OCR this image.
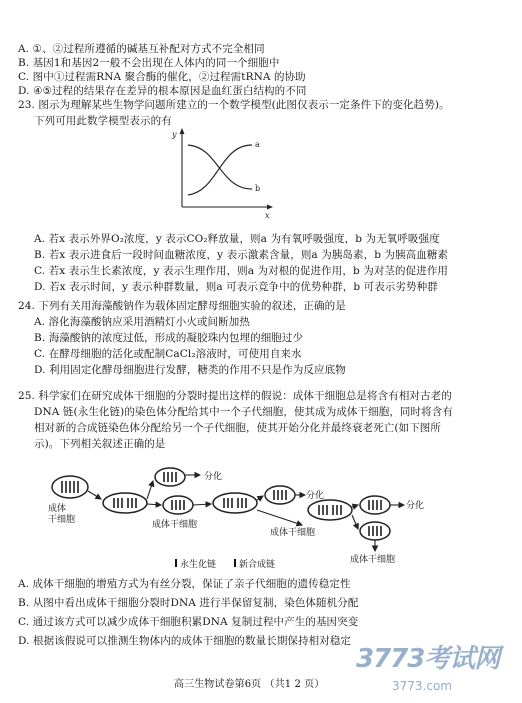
A. ①、②过程所遵循的碱基互补配对方式不完全相同
B. 基因1和基因2一般不会出现在人体内的同一个细胞中
C. 图中①过程需RNA 聚合酶的催化，②过程需tRNA 的协助
D. ④⑤过程的结果存在差异的根本原因是血红蛋白结构的不同
23. 图示为理解某些生物学问题所建立的一个数学模型(此图仅表示一定条件下的变化趋势)。
下列可用此数学模型表示的有
y
x
a
b
A. 若x 表示外界O₂浓度，y 表示CO₂释放量，则a 为有氧呼吸强度，b 为无氧呼吸强度
B. 若x 表示进食后一段时间血糖浓度，y 表示激素含量，则a 为胰岛素，b 为胰高血糖素
C. 若x 表示生长素浓度，y 表示生理作用，则a 为对根的促进作用，b 为对茎的促进作用
D. 若x 表示时间，y 表示种群数量，则a 可表示竞争中的优势种群，b 可表示劣势种群
24. 下列有关用海藻酸钠作为载体固定酵母细胞实验的叙述，正确的是
A. 溶化海藻酸钠应采用酒精灯小火或间断加热
B. 海藻酸钠的浓度过低，形成的凝胶珠内包埋的细胞过少
C. 在酵母细胞的活化或配制CaCl₂溶液时，可使用自来水
D. 利用固定化酵母细胞进行发酵，糖类的作用不只是作为反应底物
25. 科学家们在研究成体干细胞的分裂时提出这样的假说：成体干细胞总是将含有相对古老的
DNA 链(永生化链)的染色体分配给其中一个子代细胞，使其成为成体干细胞，同时将含有
相对新的合成链染色体分配给另一个子代细胞，使其开始分化并最终衰老死亡(如下图所
示)。下列相关叙述正确的是
成体
干细胞
分化
成体干细胞
分化
成体干细胞
分化
成体干细胞
永生化链	新合成链
A. 成体干细胞的增殖方式为有丝分裂，保证了亲子代细胞的遗传稳定性
B. 从图中看出成体干细胞分裂时DNA 进行半保留复制，染色体随机分配
C. 通过该方式可以减少成体干细胞积累DNA 复制过程中产生的基因突变
D. 根据该假说可以推测生物体内的成体干细胞的数量长期保持相对稳定
高三生物试卷第6页 （共1 2 页）
3773考试网
3773.com
